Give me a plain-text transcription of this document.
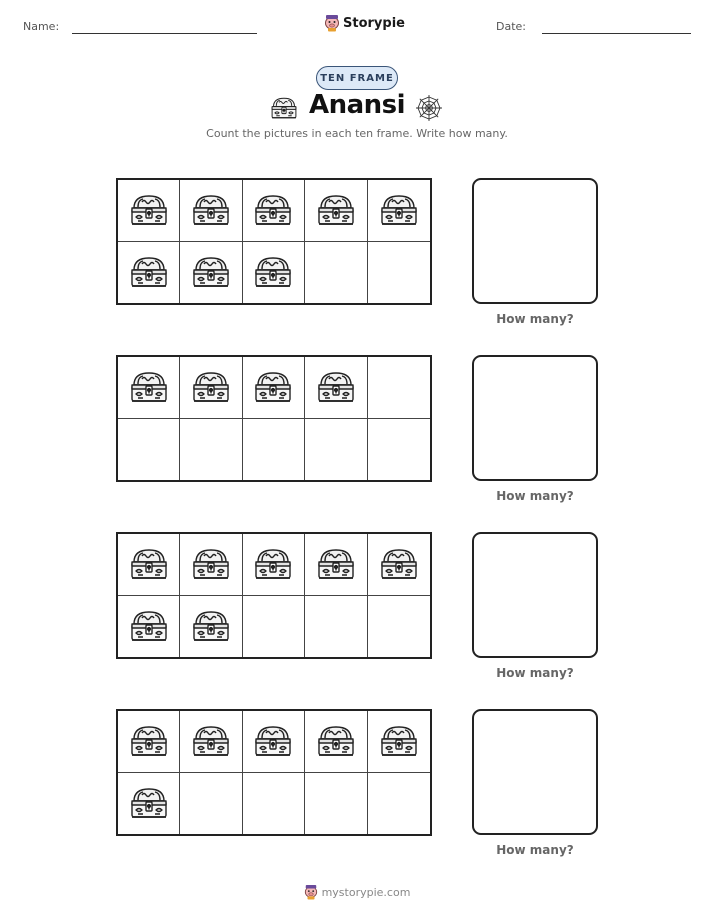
Name:	Storypie	Date:
TEN FRAME
Anansi
Count the pictures in each ten frame. Write how many.
How many?
How many?
How many?
How many?
mystorypie.com
